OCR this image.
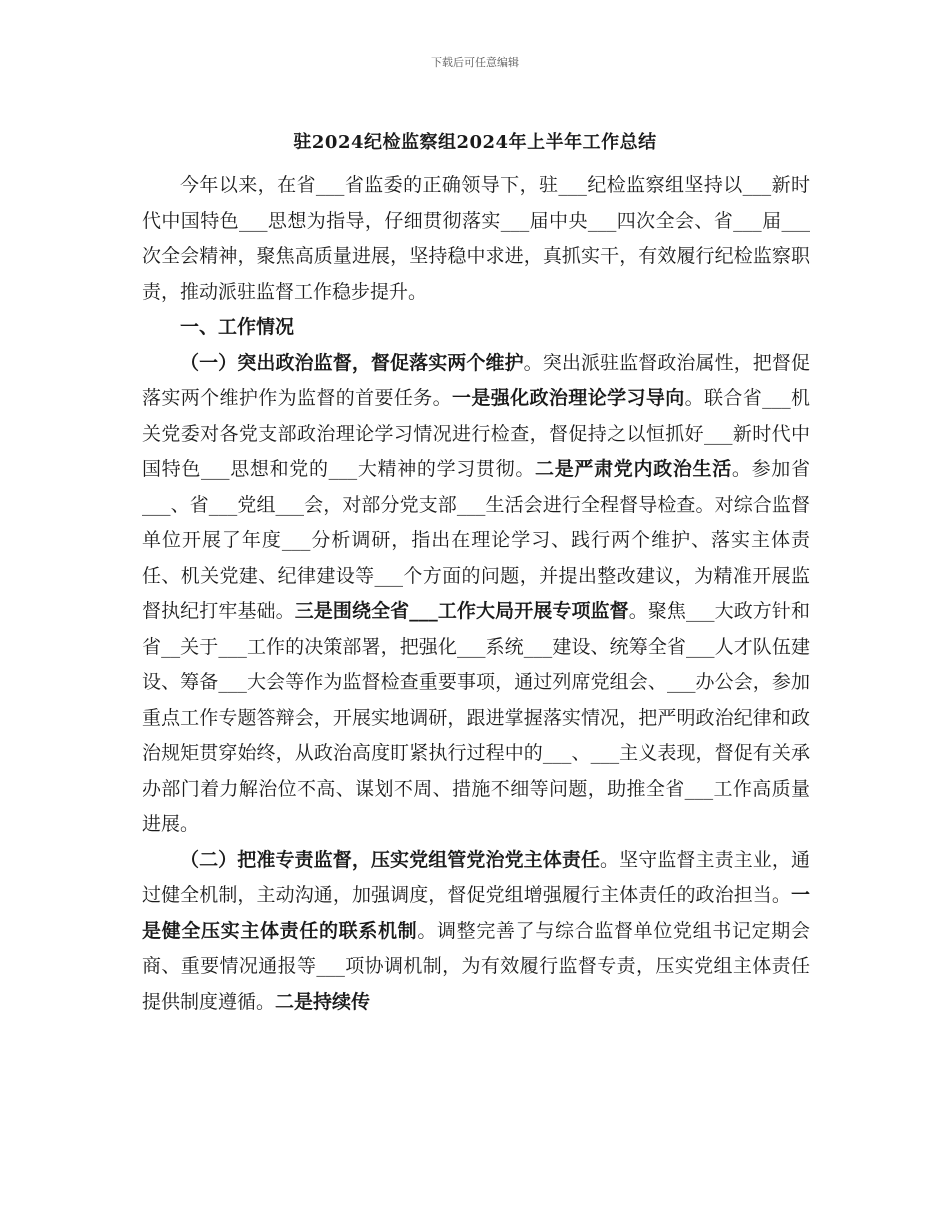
下载后可任意编辑
驻2024纪检监察组2024年上半年工作总结

今年以来，在省___省监委的正确领导下，驻___纪检监察组坚持以___新时代中国特色___思想为指导，仔细贯彻落实___届中央___四次全会、省___届___次全会精神，聚焦高质量进展，坚持稳中求进，真抓实干，有效履行纪检监察职责，推动派驻监督工作稳步提升。

一、工作情况

（一）突出政治监督，督促落实两个维护。突出派驻监督政治属性，把督促落实两个维护作为监督的首要任务。一是强化政治理论学习导向。联合省___机关党委对各党支部政治理论学习情况进行检查，督促持之以恒抓好___新时代中国特色___思想和党的___大精神的学习贯彻。二是严肃党内政治生活。参加省___、省___党组___会，对部分党支部___生活会进行全程督导检查。对综合监督单位开展了年度___分析调研，指出在理论学习、践行两个维护、落实主体责任、机关党建、纪律建设等___个方面的问题，并提出整改建议，为精准开展监督执纪打牢基础。三是围绕全省___工作大局开展专项监督。聚焦___大政方针和省__关于___工作的决策部署，把强化___系统___建设、统筹全省___人才队伍建设、筹备___大会等作为监督检查重要事项，通过列席党组会、___办公会，参加重点工作专题答辩会，开展实地调研，跟进掌握落实情况，把严明政治纪律和政治规矩贯穿始终，从政治高度盯紧执行过程中的___、___主义表现，督促有关承办部门着力解治位不高、谋划不周、措施不细等问题，助推全省___工作高质量进展。

（二）把准专责监督，压实党组管党治党主体责任。坚守监督主责主业，通过健全机制，主动沟通，加强调度，督促党组增强履行主体责任的政治担当。一是健全压实主体责任的联系机制。调整完善了与综合监督单位党组书记定期会商、重要情况通报等___项协调机制，为有效履行监督专责，压实党组主体责任提供制度遵循。二是持续传
